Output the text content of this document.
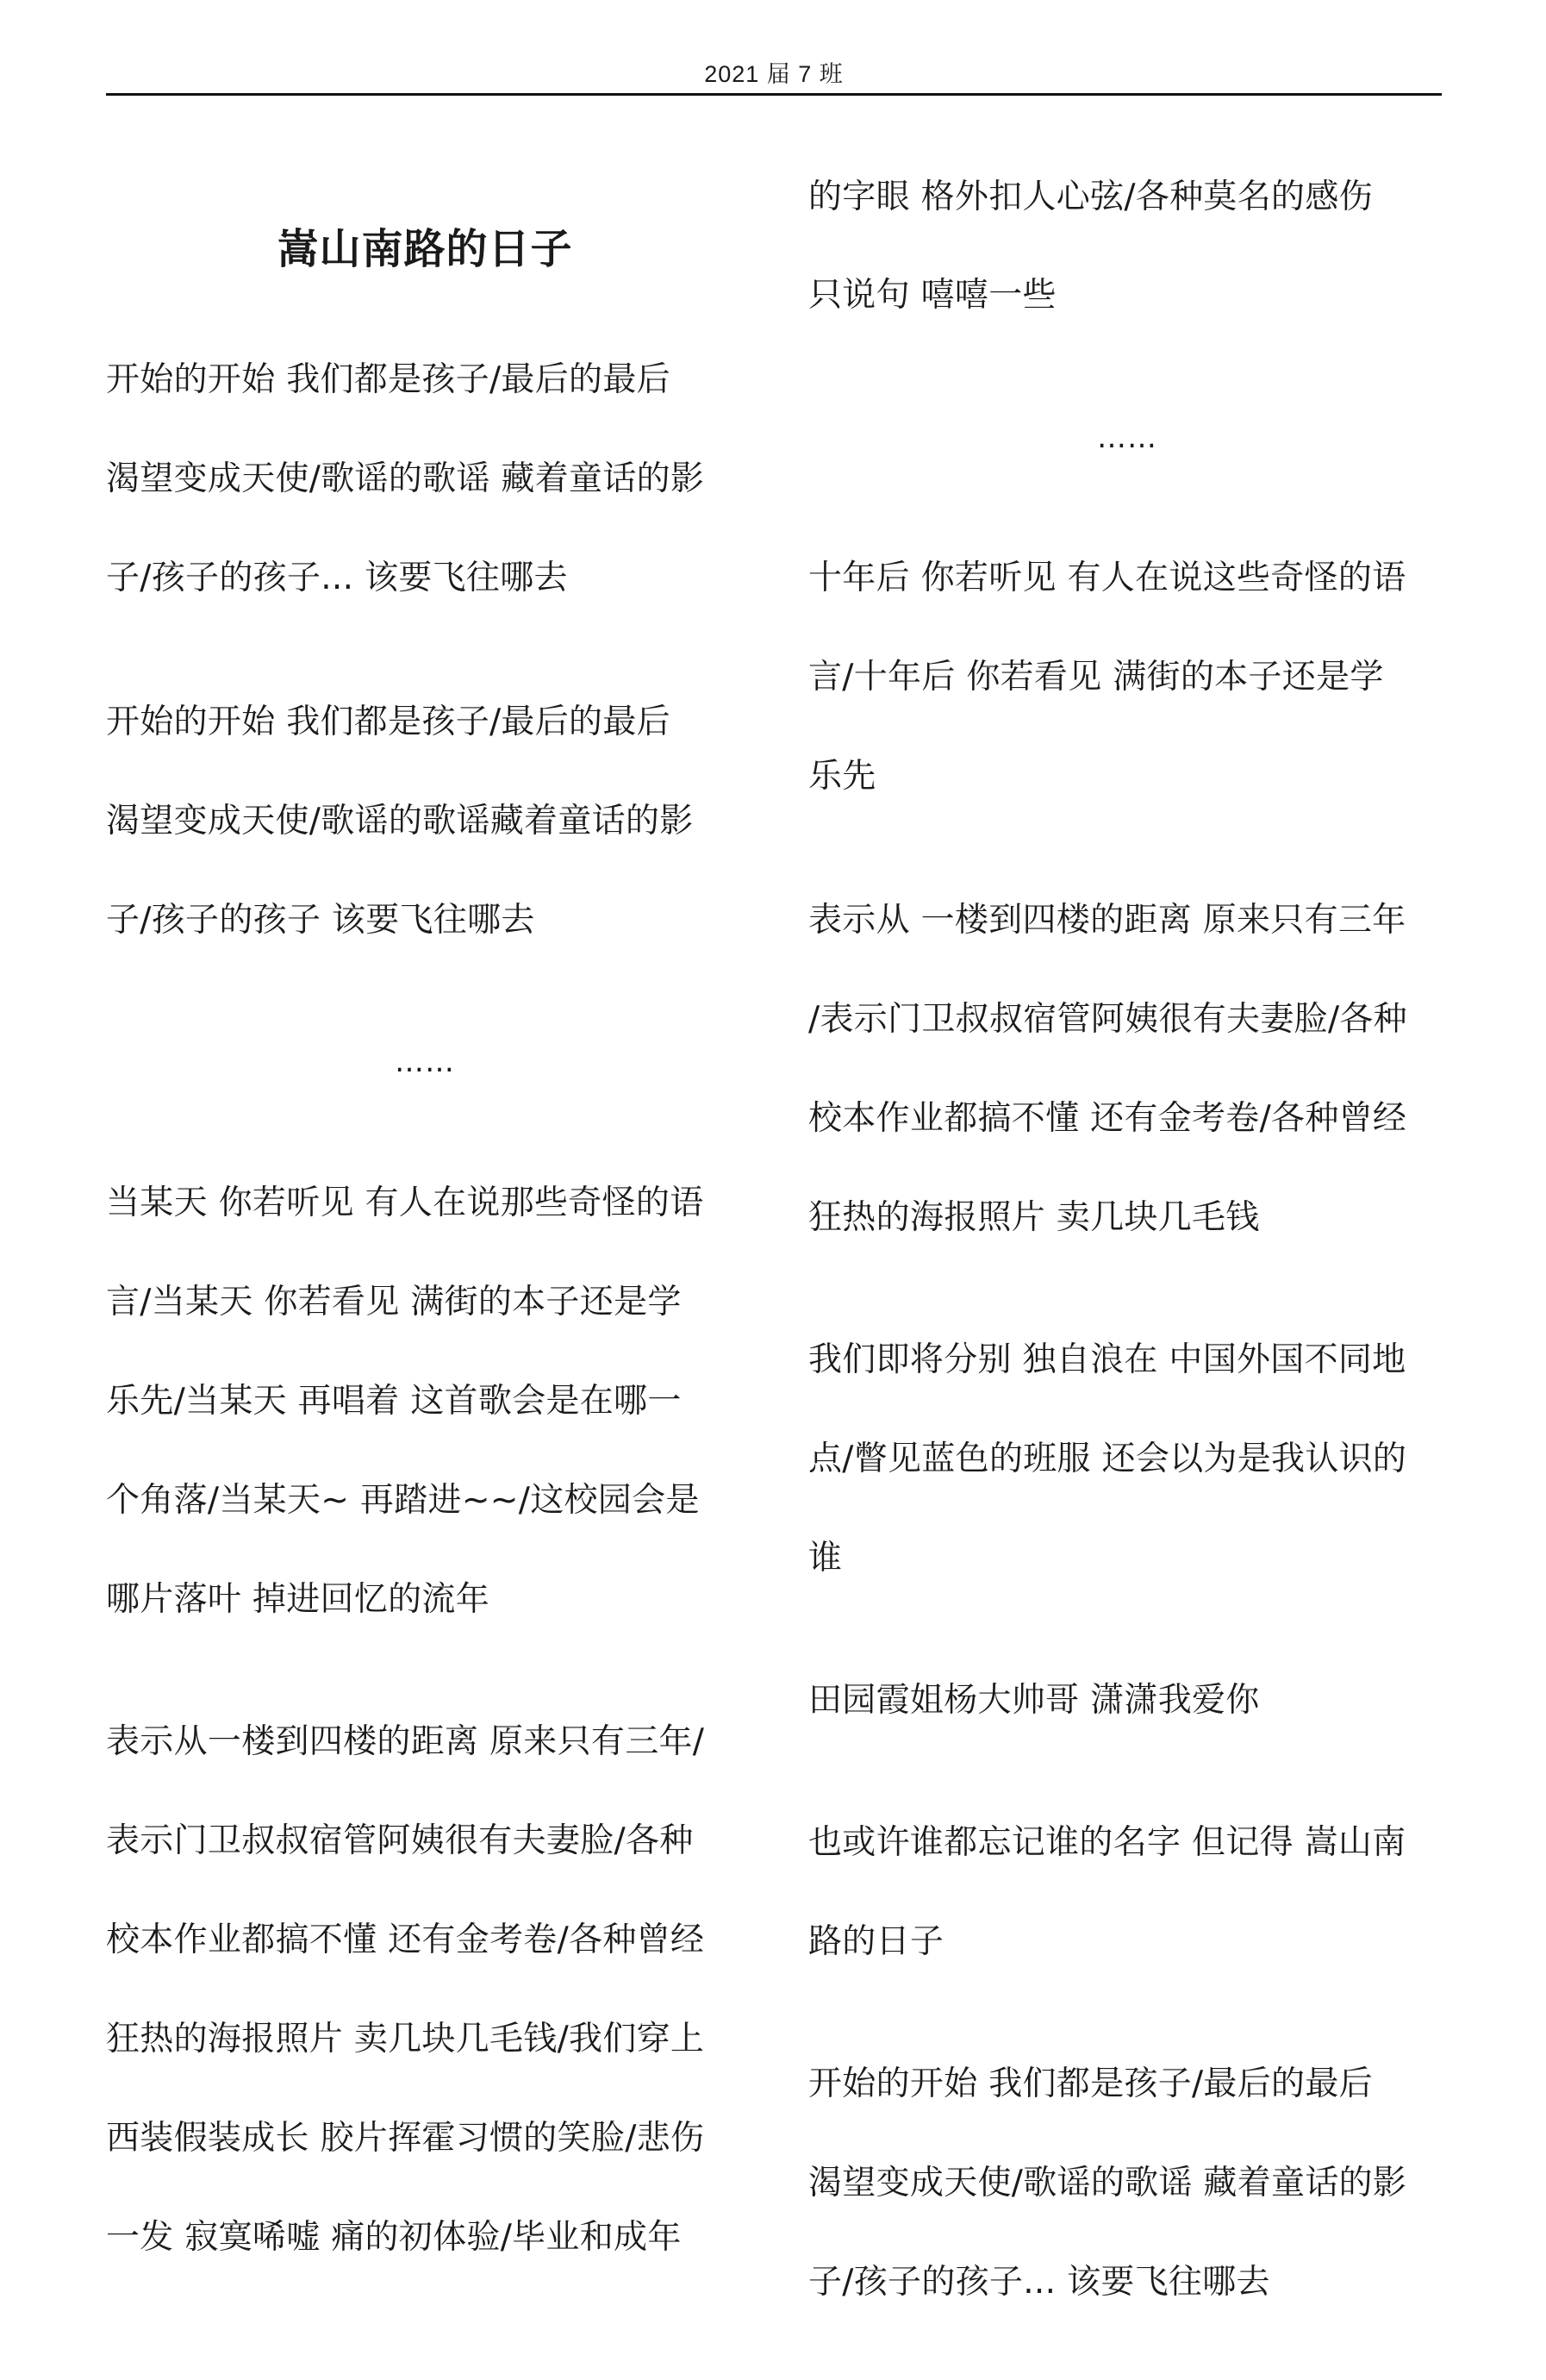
2021 届 7 班
嵩山南路的日子
开始的开始 我们都是孩子/最后的最后
渴望变成天使/歌谣的歌谣 藏着童话的影
子/孩子的孩子... 该要飞往哪去
开始的开始 我们都是孩子/最后的最后
渴望变成天使/歌谣的歌谣藏着童话的影
子/孩子的孩子 该要飞往哪去
……
当某天 你若听见 有人在说那些奇怪的语
言/当某天 你若看见 满街的本子还是学
乐先/当某天 再唱着 这首歌会是在哪一
个角落/当某天~ 再踏进~~/这校园会是
哪片落叶 掉进回忆的流年
表示从一楼到四楼的距离 原来只有三年/
表示门卫叔叔宿管阿姨很有夫妻脸/各种
校本作业都搞不懂 还有金考卷/各种曾经
狂热的海报照片 卖几块几毛钱/我们穿上
西装假装成长 胶片挥霍习惯的笑脸/悲伤
一发 寂寞唏嘘 痛的初体验/毕业和成年
的字眼 格外扣人心弦/各种莫名的感伤
只说句 嘻嘻一些
……
十年后 你若听见 有人在说这些奇怪的语
言/十年后 你若看见 满街的本子还是学
乐先
表示从 一楼到四楼的距离 原来只有三年
/表示门卫叔叔宿管阿姨很有夫妻脸/各种
校本作业都搞不懂 还有金考卷/各种曾经
狂热的海报照片 卖几块几毛钱
我们即将分别 独自浪在 中国外国不同地
点/瞥见蓝色的班服 还会以为是我认识的
谁
田园霞姐杨大帅哥 潇潇我爱你
也或许谁都忘记谁的名字 但记得 嵩山南
路的日子
开始的开始 我们都是孩子/最后的最后
渴望变成天使/歌谣的歌谣 藏着童话的影
子/孩子的孩子... 该要飞往哪去
